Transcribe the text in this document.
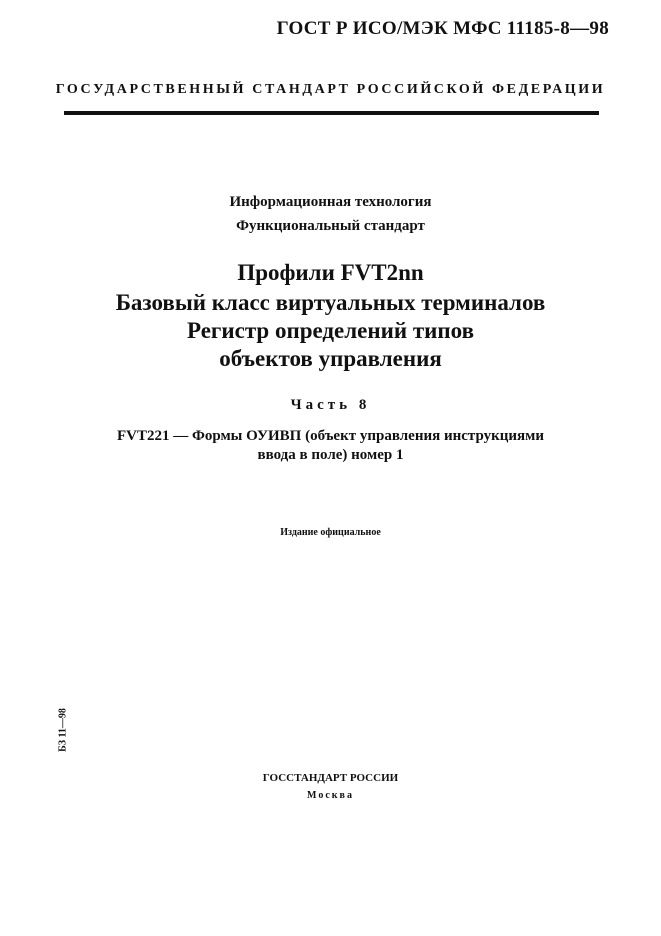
ГОСТ Р ИСО/МЭК МФС 11185-8—98
ГОСУДАРСТВЕННЫЙ СТАНДАРТ РОССИЙСКОЙ ФЕДЕРАЦИИ
Информационная технология
Функциональный стандарт
Профили FVT2nn
Базовый класс виртуальных терминалов
Регистр определений типов
объектов управления
Часть 8
FVT221 — Формы ОУИВП (объект управления инструкциями
ввода в поле) номер 1
Издание официальное
БЗ 11—98
ГОССТАНДАРТ РОССИИ
Москва
